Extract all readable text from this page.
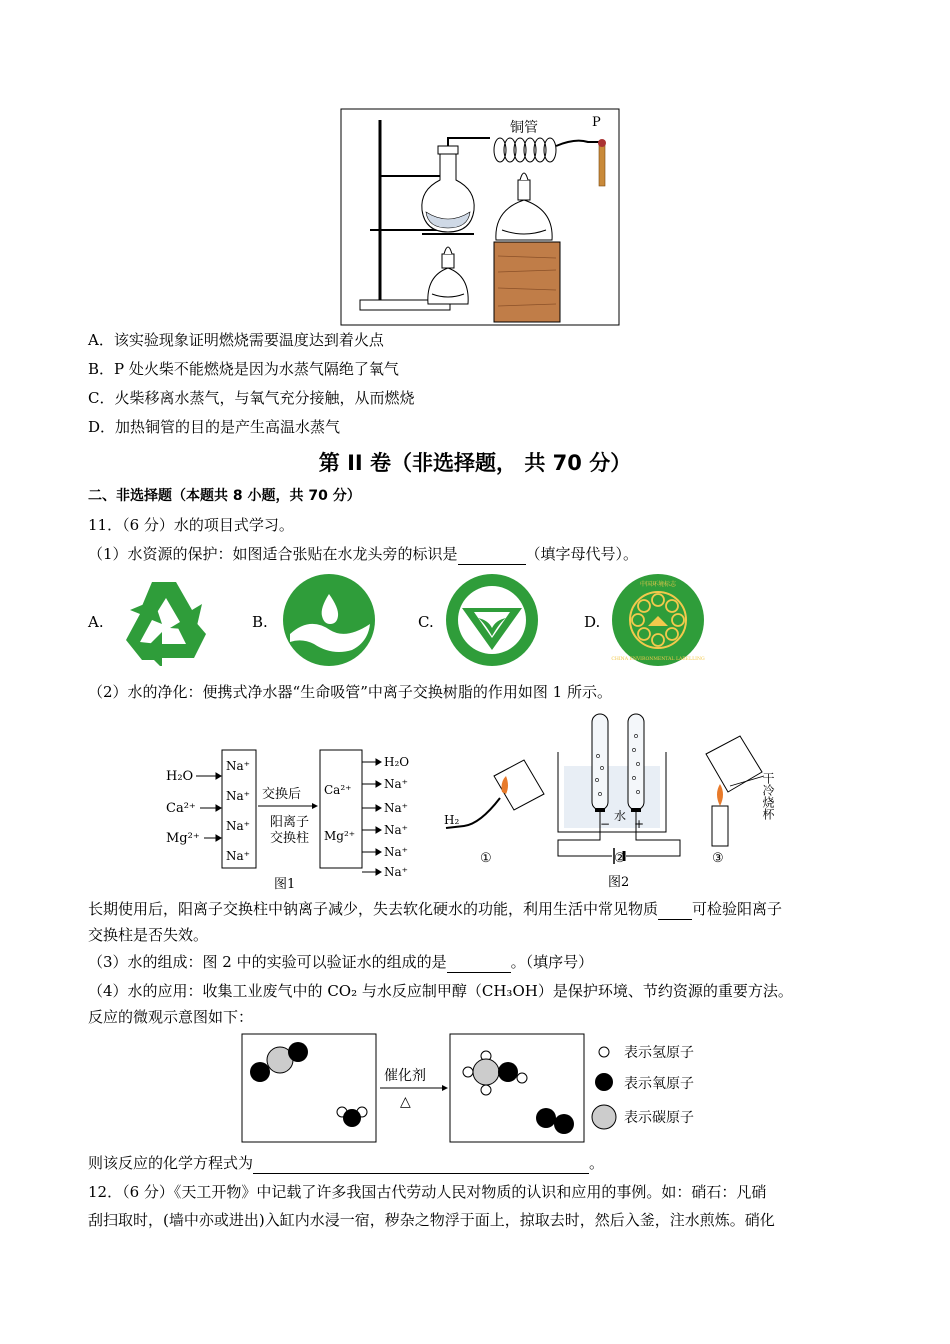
铜管	P
A．该实验现象证明燃烧需要温度达到着火点
B．P 处火柴不能燃烧是因为水蒸气隔绝了氧气
C．火柴移离水蒸气，与氧气充分接触，从而燃烧
D．加热铜管的目的是产生高温水蒸气
第 II 卷（非选择题， 共 70 分）
二、非选择题（本题共 8 小题，共 70 分）
11．（6 分）水的项目式学习。
（1）水资源的保护：如图适合张贴在水龙头旁的标识是	（填字母代号）。
A.	B.	C.	D.
中国环境标志
CHINA ENVIRONMENTAL LABELLING
（2）水的净化：便携式净水器“生命吸管”中离子交换树脂的作用如图 1 所示。
H₂O
Ca²⁺
Mg²⁺
Na⁺
Na⁺
Na⁺
Na⁺
交换后
阳离子
交换柱
Ca²⁺
Mg²⁺
H₂O
Na⁺
Na⁺
Na⁺
Na⁺
Na⁺
图1
H₂
①
水
− +
②
干冷烧杯
③
图2
长期使用后，阳离子交换柱中钠离子减少，失去软化硬水的功能，利用生活中常见物质 可检验阳离子
交换柱是否失效。
（3）水的组成：图 2 中的实验可以验证水的组成的是	。（填序号）
（4）水的应用：收集工业废气中的 CO₂ 与水反应制甲醇（CH₃OH）是保护环境、节约资源的重要方法。
反应的微观示意图如下：
催化剂
△
表示氢原子
表示氧原子
表示碳原子
则该反应的化学方程式为	。
12．（6 分）《天工开物》中记载了许多我国古代劳动人民对物质的认识和应用的事例。如：硝石：凡硝
刮扫取时，(墙中亦或进出)入缸内水浸一宿，秽杂之物浮于面上，掠取去时，然后入釜，注水煎炼。硝化
